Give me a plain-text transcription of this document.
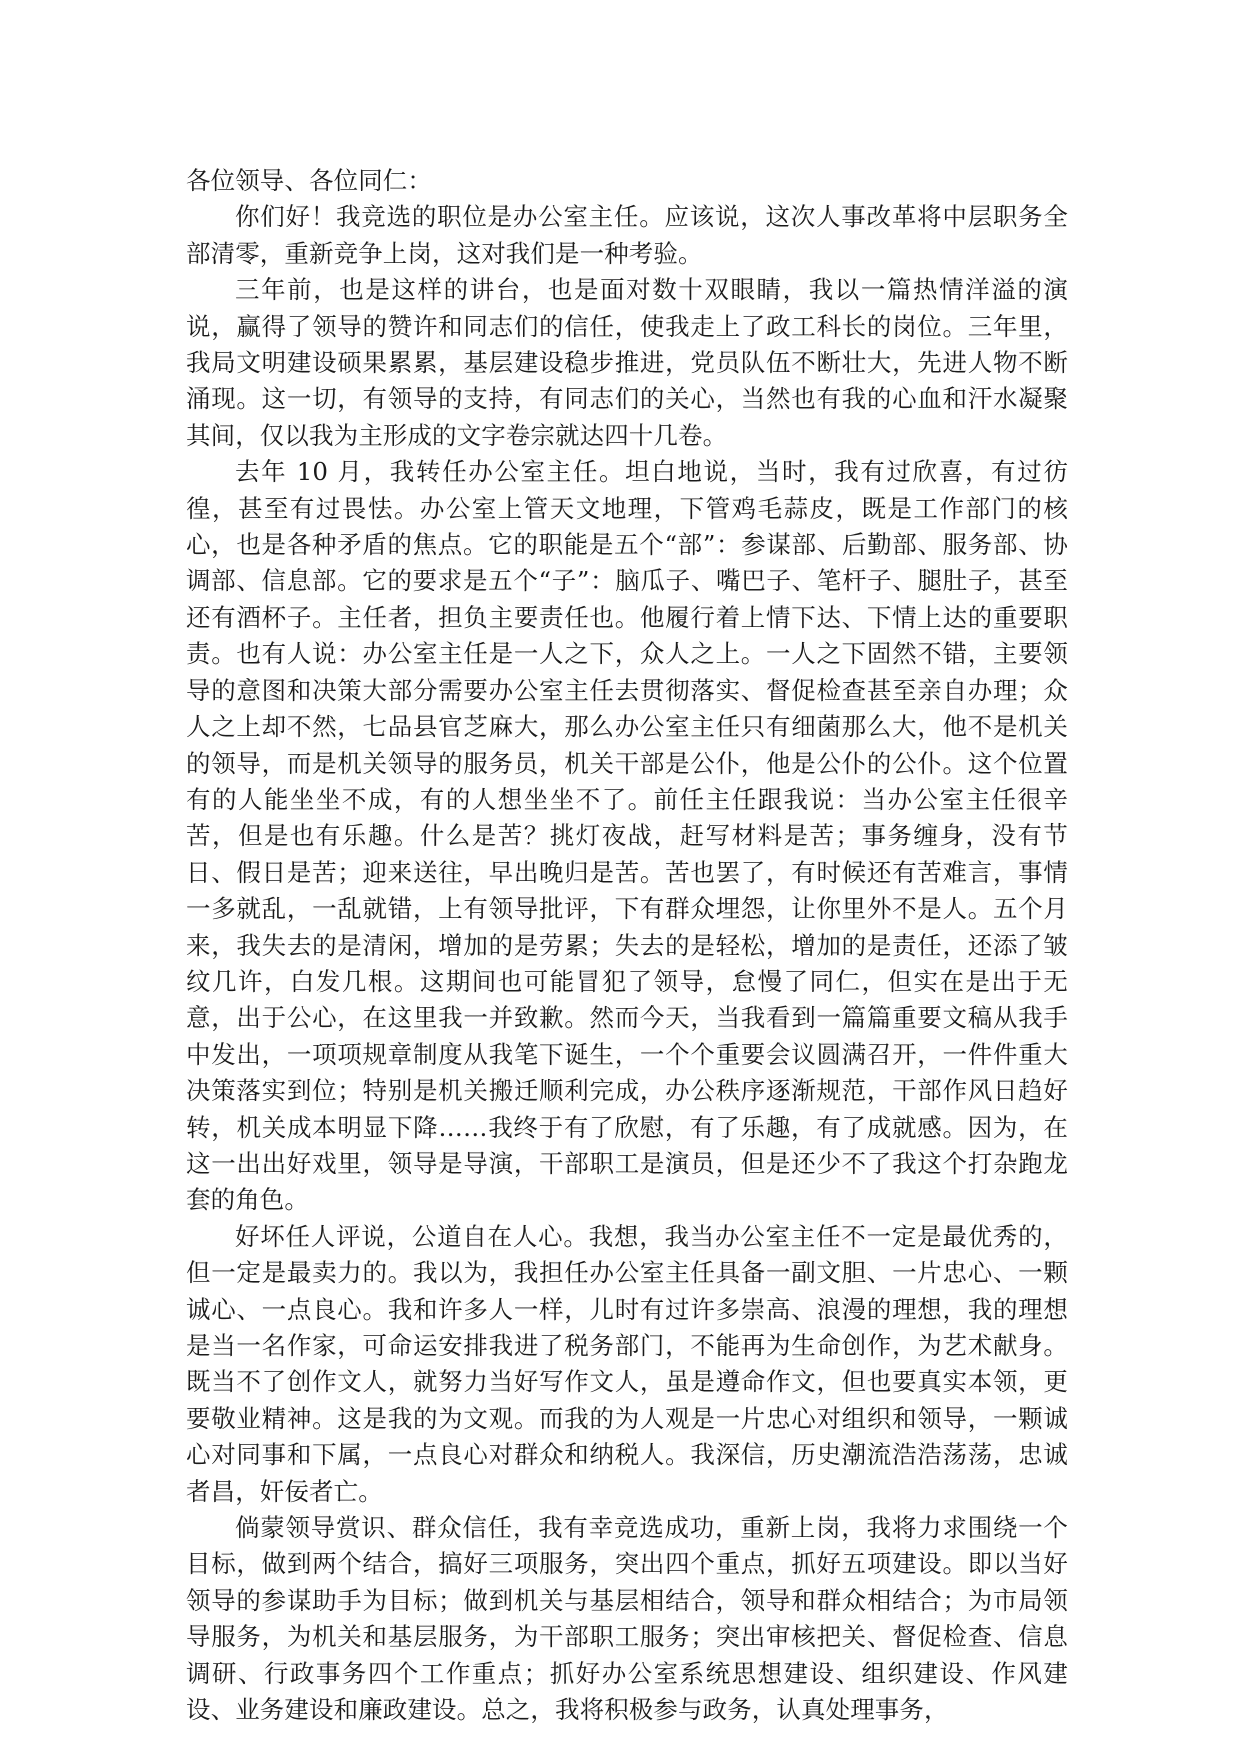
各位领导、各位同仁：

你们好！我竞选的职位是办公室主任。应该说，这次人事改革将中层职务全部清零，重新竞争上岗，这对我们是一种考验。

三年前，也是这样的讲台，也是面对数十双眼睛，我以一篇热情洋溢的演说，赢得了领导的赞许和同志们的信任，使我走上了政工科长的岗位。三年里，我局文明建设硕果累累，基层建设稳步推进，党员队伍不断壮大，先进人物不断涌现。这一切，有领导的支持，有同志们的关心，当然也有我的心血和汗水凝聚其间，仅以我为主形成的文字卷宗就达四十几卷。

去年 10 月，我转任办公室主任。坦白地说，当时，我有过欣喜，有过彷徨，甚至有过畏怯。办公室上管天文地理，下管鸡毛蒜皮，既是工作部门的核心，也是各种矛盾的焦点。它的职能是五个“部”：参谋部、后勤部、服务部、协调部、信息部。它的要求是五个“子”：脑瓜子、嘴巴子、笔杆子、腿肚子，甚至还有酒杯子。主任者，担负主要责任也。他履行着上情下达、下情上达的重要职责。也有人说：办公室主任是一人之下，众人之上。一人之下固然不错，主要领导的意图和决策大部分需要办公室主任去贯彻落实、督促检查甚至亲自办理；众人之上却不然，七品县官芝麻大，那么办公室主任只有细菌那么大，他不是机关的领导，而是机关领导的服务员，机关干部是公仆，他是公仆的公仆。这个位置有的人能坐坐不成，有的人想坐坐不了。前任主任跟我说：当办公室主任很辛苦，但是也有乐趣。什么是苦？挑灯夜战，赶写材料是苦；事务缠身，没有节日、假日是苦；迎来送往，早出晚归是苦。苦也罢了，有时候还有苦难言，事情一多就乱，一乱就错，上有领导批评，下有群众埋怨，让你里外不是人。五个月来，我失去的是清闲，增加的是劳累；失去的是轻松，增加的是责任，还添了皱纹几许，白发几根。这期间也可能冒犯了领导，怠慢了同仁，但实在是出于无意，出于公心，在这里我一并致歉。然而今天，当我看到一篇篇重要文稿从我手中发出，一项项规章制度从我笔下诞生，一个个重要会议圆满召开，一件件重大决策落实到位；特别是机关搬迁顺利完成，办公秩序逐渐规范，干部作风日趋好转，机关成本明显下降……我终于有了欣慰，有了乐趣，有了成就感。因为，在这一出出好戏里，领导是导演，干部职工是演员，但是还少不了我这个打杂跑龙套的角色。

好坏任人评说，公道自在人心。我想，我当办公室主任不一定是最优秀的，但一定是最卖力的。我以为，我担任办公室主任具备一副文胆、一片忠心、一颗诚心、一点良心。我和许多人一样，儿时有过许多崇高、浪漫的理想，我的理想是当一名作家，可命运安排我进了税务部门，不能再为生命创作，为艺术献身。既当不了创作文人，就努力当好写作文人，虽是遵命作文，但也要真实本领，更要敬业精神。这是我的为文观。而我的为人观是一片忠心对组织和领导，一颗诚心对同事和下属，一点良心对群众和纳税人。我深信，历史潮流浩浩荡荡，忠诚者昌，奸佞者亡。

倘蒙领导赏识、群众信任，我有幸竞选成功，重新上岗，我将力求围绕一个目标，做到两个结合，搞好三项服务，突出四个重点，抓好五项建设。即以当好领导的参谋助手为目标；做到机关与基层相结合，领导和群众相结合；为市局领导服务，为机关和基层服务，为干部职工服务；突出审核把关、督促检查、信息调研、行政事务四个工作重点；抓好办公室系统思想建设、组织建设、作风建设、业务建设和廉政建设。总之，我将积极参与政务，认真处理事务，
